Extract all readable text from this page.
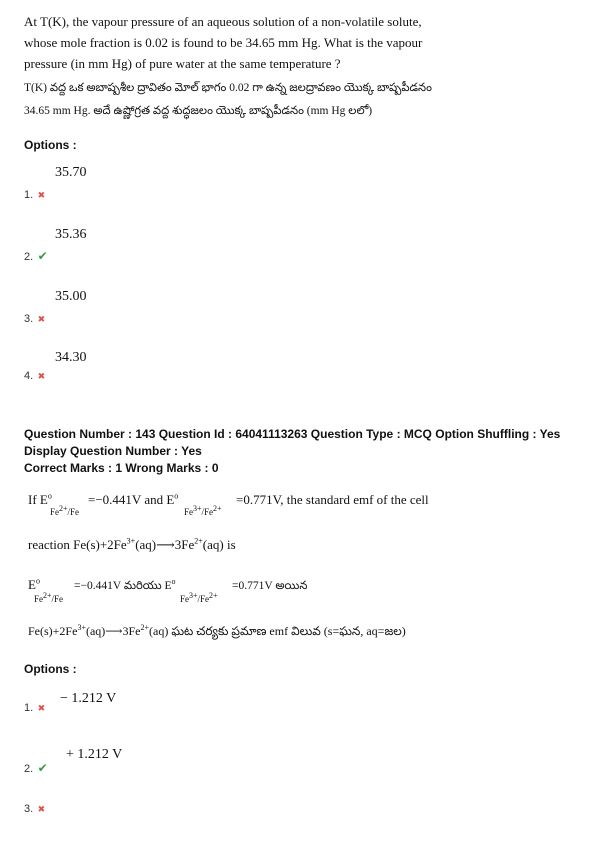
At T(K), the vapour pressure of an aqueous solution of a non-volatile solute,
whose mole fraction is 0.02 is found to be 34.65 mm Hg. What is the vapour
pressure (in mm Hg) of pure water at the same temperature ?
T(K) వద్ద ఒక అబాష్పశీల ద్రావితం మోల్ భాగం 0.02 గా ఉన్న జలద్రావణం యొక్క బాష్పపీడనం
34.65 mm Hg. అదే ఉష్ణోగ్రత వద్ద శుద్ధజలం యొక్క బాష్పపీడనం (mm Hg లలో)
Options :
35.70
1. ✖
35.36
2. ✔
35.00
3. ✖
34.30
4. ✖
Question Number : 143 Question Id : 64041113263 Question Type : MCQ Option Shuffling : Yes
Display Question Number : Yes
Correct Marks : 1 Wrong Marks : 0
If $E^o$
$Fe^{2+}/Fe$
=−0.441V and $E^o$
$Fe^{3+}/Fe^{2+}$
=0.771V, the standard emf of the cell
reaction $Fe(s)+2Fe^{3+}(aq)⟶3Fe^{2+}(aq)$ is
$E^o$
$Fe^{2+}/Fe$
=−0.441V మరియు $E^o$
$Fe^{3+}/Fe^{2+}$
=0.771V అయిన
$Fe(s)+2Fe^{3+}(aq)⟶3Fe^{2+}(aq)$ ఘట చర్యకు ప్రమాణ emf విలువ (s=ఘన, aq=జల)
Options :
1. ✖
− 1.212 V
+ 1.212 V
2. ✔
3. ✖
